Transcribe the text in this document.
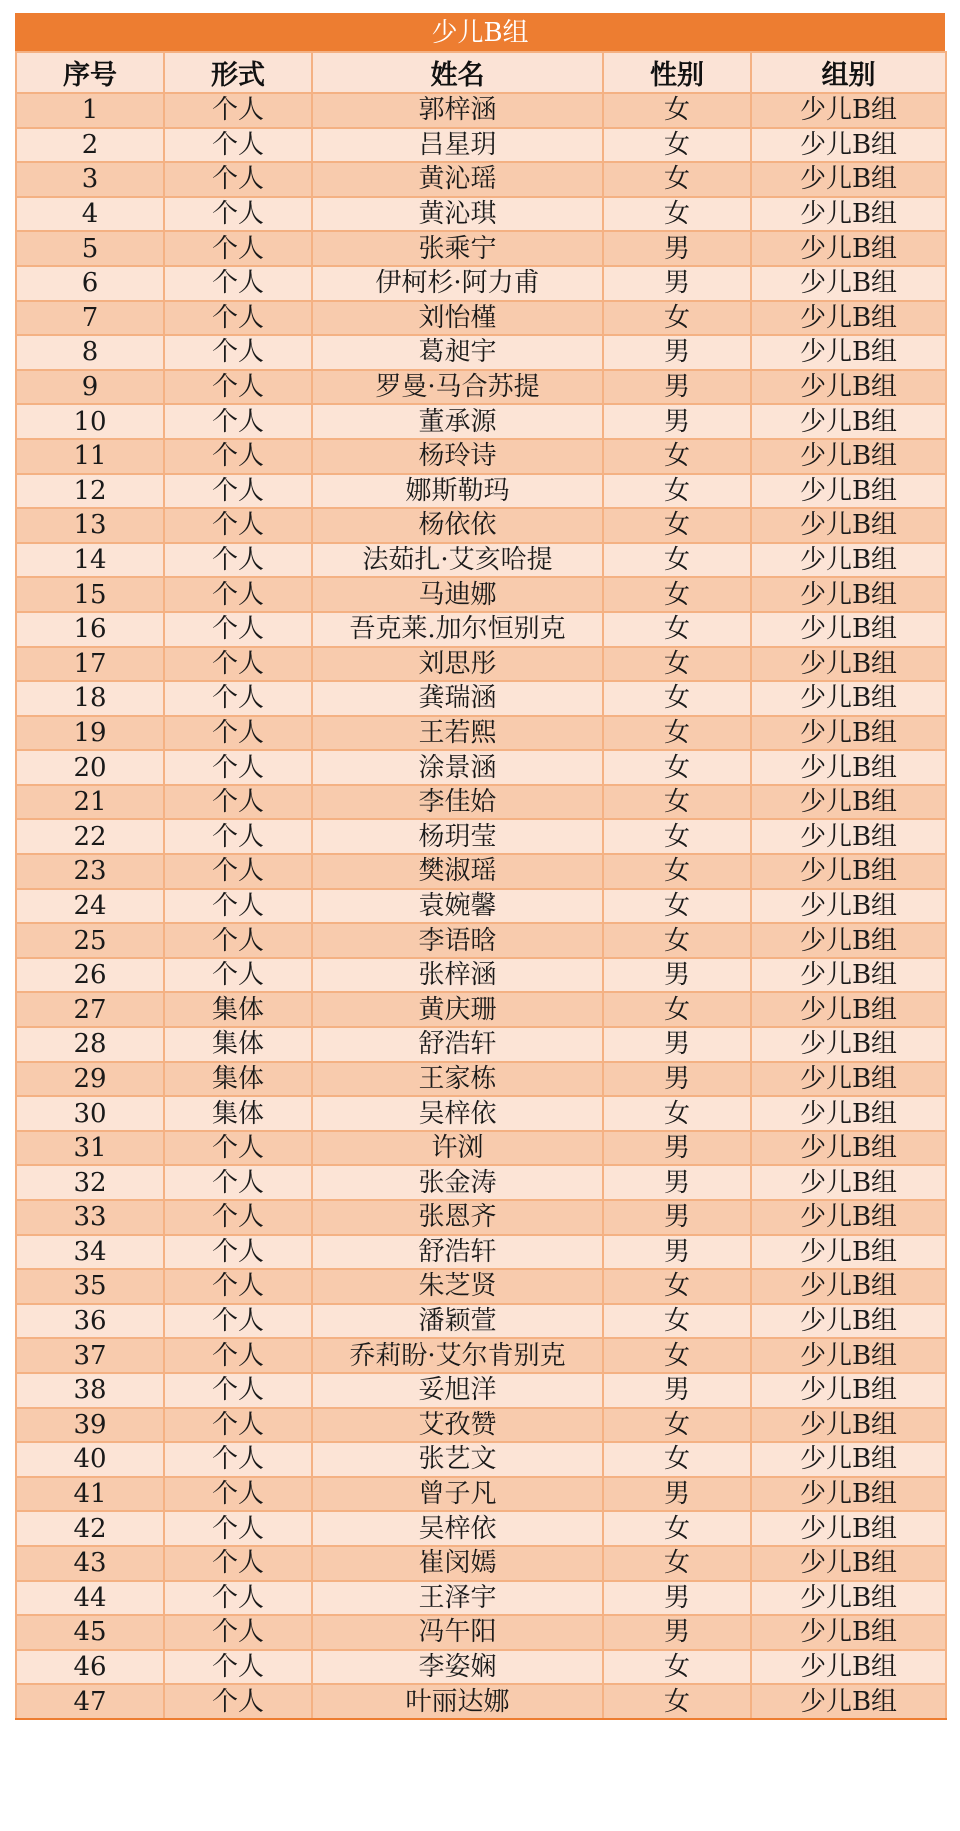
少儿B组
序号	形式	姓名	性别	组别
1	个人	郭梓涵	女	少儿B组
2	个人	吕星玥	女	少儿B组
3	个人	黄沁瑶	女	少儿B组
4	个人	黄沁琪	女	少儿B组
5	个人	张乘宁	男	少儿B组
6	个人	伊柯杉·阿力甫	男	少儿B组
7	个人	刘怡槿	女	少儿B组
8	个人	葛昶宇	男	少儿B组
9	个人	罗曼·马合苏提	男	少儿B组
10	个人	董承源	男	少儿B组
11	个人	杨玲诗	女	少儿B组
12	个人	娜斯勒玛	女	少儿B组
13	个人	杨依依	女	少儿B组
14	个人	法茹扎·艾亥哈提	女	少儿B组
15	个人	马迪娜	女	少儿B组
16	个人	吾克莱.加尔恒别克	女	少儿B组
17	个人	刘思彤	女	少儿B组
18	个人	龚瑞涵	女	少儿B组
19	个人	王若熙	女	少儿B组
20	个人	涂景涵	女	少儿B组
21	个人	李佳姶	女	少儿B组
22	个人	杨玥莹	女	少儿B组
23	个人	樊淑瑶	女	少儿B组
24	个人	袁婉馨	女	少儿B组
25	个人	李语晗	女	少儿B组
26	个人	张梓涵	男	少儿B组
27	集体	黄庆珊	女	少儿B组
28	集体	舒浩轩	男	少儿B组
29	集体	王家栋	男	少儿B组
30	集体	吴梓依	女	少儿B组
31	个人	许浏	男	少儿B组
32	个人	张金涛	男	少儿B组
33	个人	张恩齐	男	少儿B组
34	个人	舒浩轩	男	少儿B组
35	个人	朱芝贤	女	少儿B组
36	个人	潘颖萱	女	少儿B组
37	个人	乔莉盼·艾尔肯别克	女	少儿B组
38	个人	妥旭洋	男	少儿B组
39	个人	艾孜赞	女	少儿B组
40	个人	张艺文	女	少儿B组
41	个人	曾子凡	男	少儿B组
42	个人	吴梓依	女	少儿B组
43	个人	崔闵嫣	女	少儿B组
44	个人	王泽宇	男	少儿B组
45	个人	冯午阳	男	少儿B组
46	个人	李姿娴	女	少儿B组
47	个人	叶丽达娜	女	少儿B组
